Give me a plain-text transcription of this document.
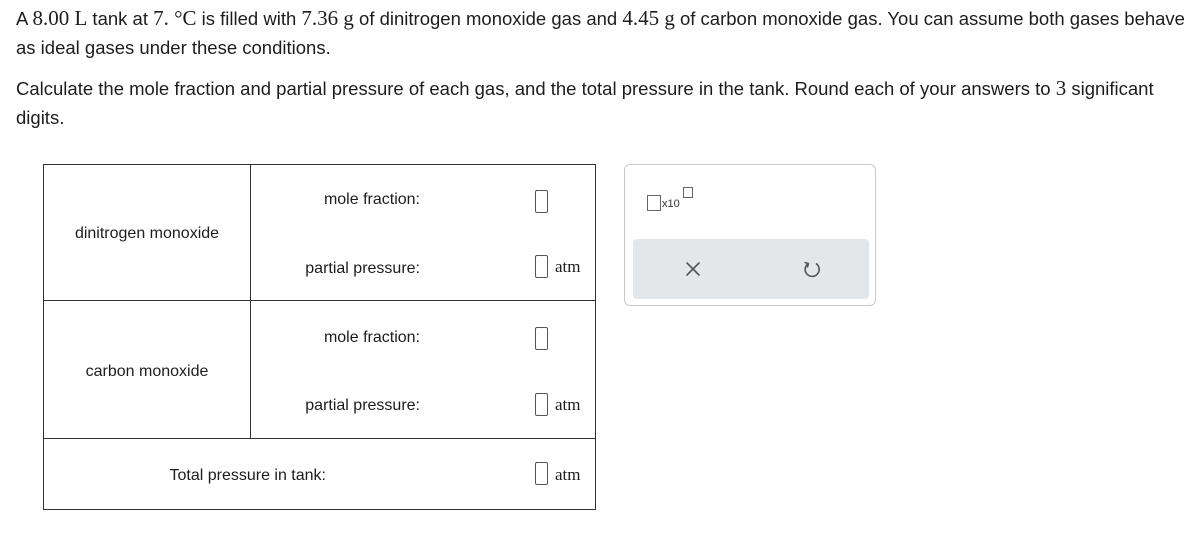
A 8.00 L tank at 7. °C is filled with 7.36 g of dinitrogen monoxide gas and 4.45 g of carbon monoxide gas. You can assume both gases behave as ideal gases under these conditions.

Calculate the mole fraction and partial pressure of each gas, and the total pressure in the tank. Round each of your answers to 3 significant digits.

dinitrogen monoxide
mole fraction:
partial pressure:	atm
carbon monoxide
mole fraction:
partial pressure:	atm
Total pressure in tank:	atm
x10
